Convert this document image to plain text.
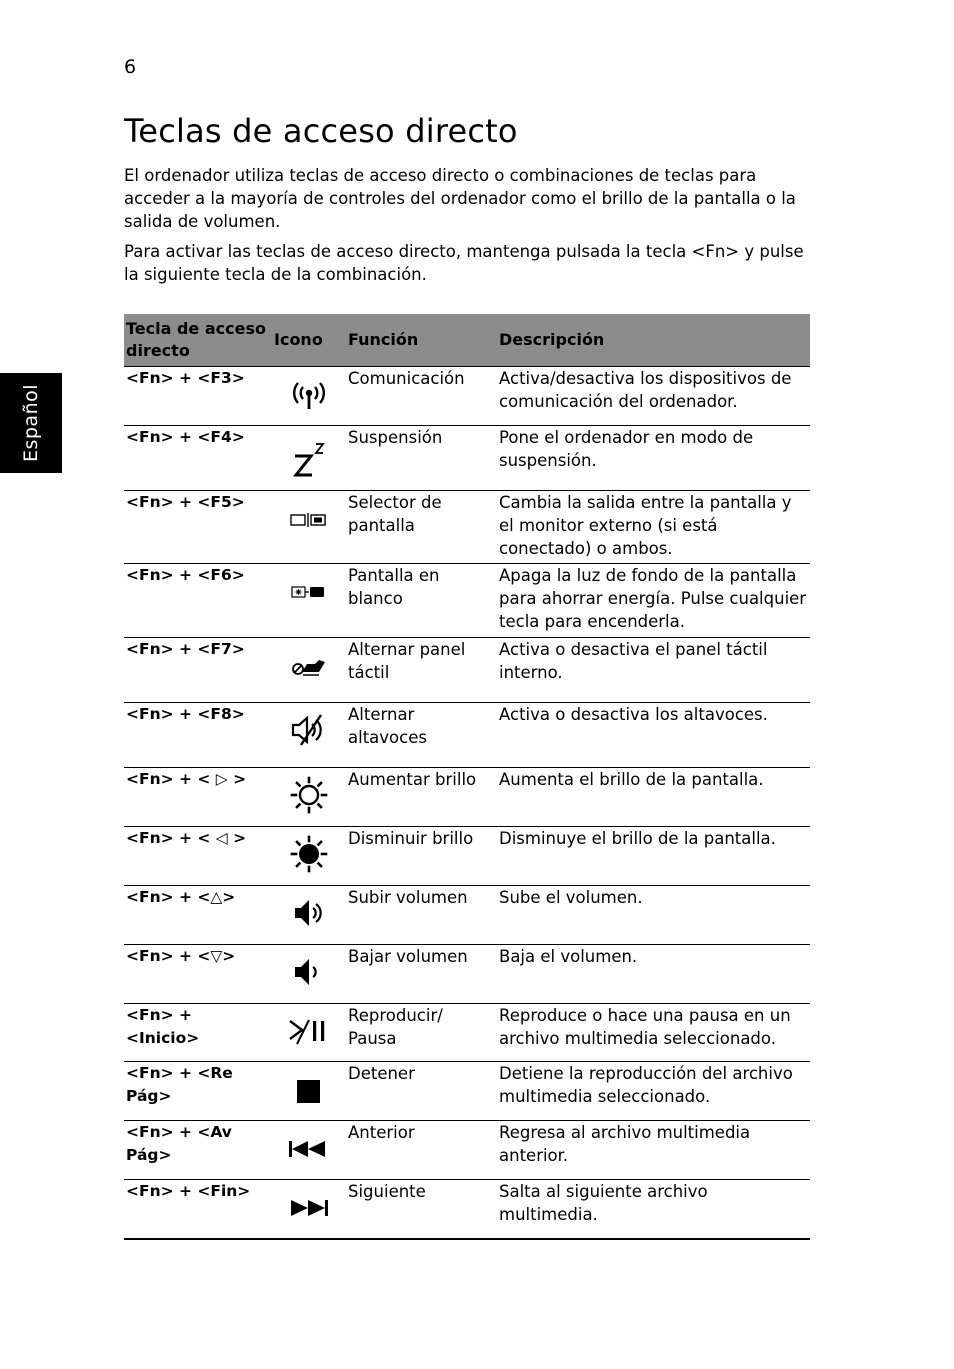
6
Español
Teclas de acceso directo

El ordenador utiliza teclas de acceso directo o combinaciones de teclas para acceder a la mayoría de controles del ordenador como el brillo de la pantalla o la salida de volumen.

Para activar las teclas de acceso directo, mantenga pulsada la tecla <Fn> y pulse la siguiente tecla de la combinación.

Tecla de acceso directo	Icono	Función	Descripción
<Fn> + <F3>		Comunicación	Activa/desactiva los dispositivos de comunicación del ordenador.
<Fn> + <F4>		Suspensión	Pone el ordenador en modo de suspensión.
<Fn> + <F5>		Selector de pantalla	Cambia la salida entre la pantalla y el monitor externo (si está conectado) o ambos.
<Fn> + <F6>		Pantalla en blanco	Apaga la luz de fondo de la pantalla para ahorrar energía. Pulse cualquier tecla para encenderla.
<Fn> + <F7>		Alternar panel táctil	Activa o desactiva el panel táctil interno.
<Fn> + <F8>		Alternar altavoces	Activa o desactiva los altavoces.
<Fn> + < ▷ >		Aumentar brillo	Aumenta el brillo de la pantalla.
<Fn> + < ◁ >		Disminuir brillo	Disminuye el brillo de la pantalla.
<Fn> + <△>		Subir volumen	Sube el volumen.
<Fn> + <▽>		Bajar volumen	Baja el volumen.
<Fn> + <Inicio>		Reproducir/ Pausa	Reproduce o hace una pausa en un archivo multimedia seleccionado.
<Fn> + <Re Pág>		Detener	Detiene la reproducción del archivo multimedia seleccionado.
<Fn> + <Av Pág>		Anterior	Regresa al archivo multimedia anterior.
<Fn> + <Fin>		Siguiente	Salta al siguiente archivo multimedia.
